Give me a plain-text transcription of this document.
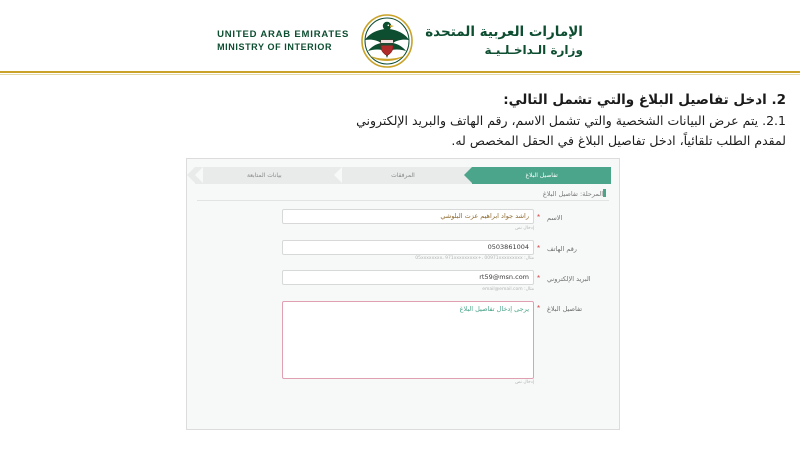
الإمارات العربية المتحدة
وزارة الـداخـلـيـة
UNITED ARAB EMIRATES
MINISTRY OF INTERIOR
2. ادخل تفاصيل البلاغ والتي تشمل التالي:
2.1. يتم عرض البيانات الشخصية والتي تشمل الاسم، رقم الهاتف والبريد الإلكتروني
لمقدم الطلب تلقائياً، ادخل تفاصيل البلاغ في الحقل المخصص له.
تفاصيل البلاغ
المرفقات
بيانات المتابعة
المرحلة: تفاصيل البلاغ
الاسم
*
راشد جواد ابراهيم عزت البلوشي
إدخال نص
رقم الهاتف
*
0503861004
مثال: 05xxxxxxxx، 971xxxxxxxxx+، 00971xxxxxxxxx
البريد الإلكتروني
*
rt59@msn.com
مثال: email@email.com
تفاصيل البلاغ
*
يرجى إدخال تفاصيل البلاغ
إدخال نص
